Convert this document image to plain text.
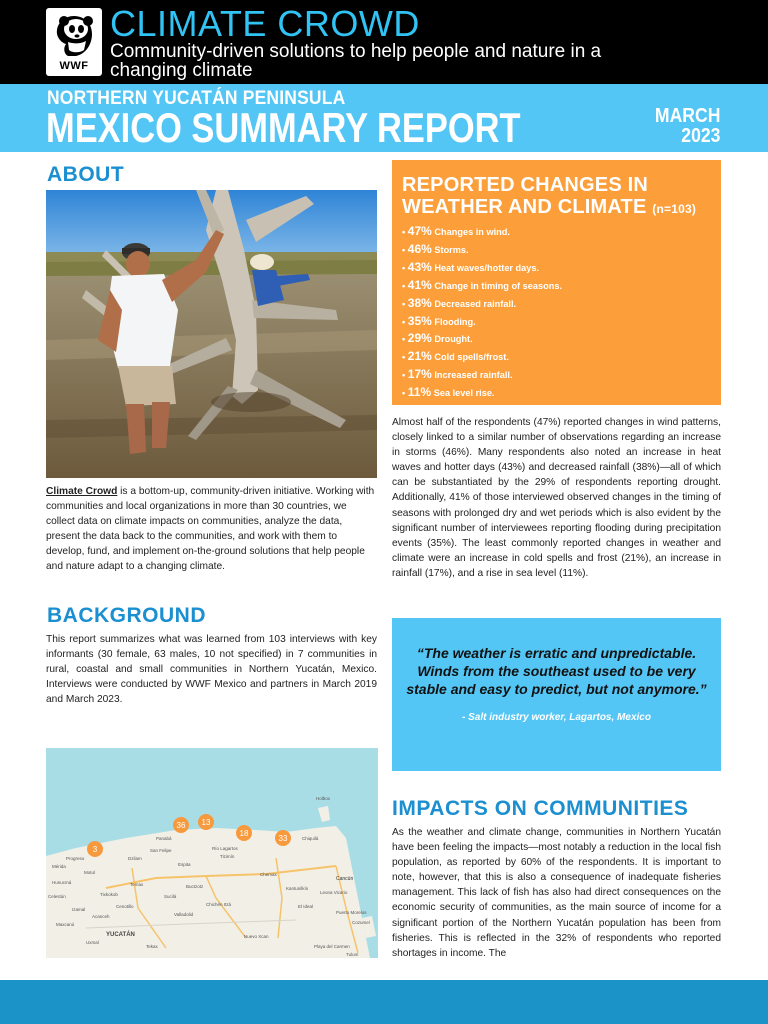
WWF
CLIMATE CROWD
Community-driven solutions to help people and nature in a changing climate
NORTHERN YUCATÁN PENINSULA
MEXICO SUMMARY REPORT	MARCH
2023
ABOUT
Climate Crowd is a bottom-up, community-driven initiative. Working with communities and local organizations in more than 30 countries, we collect data on climate impacts on communities, analyze the data, present the data back to the communities, and work with them to develop, fund, and implement on-the-ground solutions that help people and nature adapt to a changing climate.
BACKGROUND
This report summarizes what was learned from 103 interviews with key informants (30 female, 63 males, 10 not specified) in 7 communities in rural, coastal and small communities in Northern Yucatán, Mexico. Interviews were conducted by WWF Mexico and partners in March 2019 and March 2023.
3
36 13
18
33
YUCATÁN
Cancún
Progreso
Izamal
Valladolid
Tizimín
Mérida
Motul
Hunucmá
Kantunilkín
Playa del Carmen
San Felipe	Río Lagartos
Holbox
Chiquilá
Celestún
Dzilam
Temax
Tekax
Espita
Chemax
Cozumel
Puerto Morelos
Leona Vicario
El Ideal
Nuevo Xcan
Uxmal
Maxcanú
Tixkokob
Acanceh
Cenotillo
Sucilá
Panabá
Buctzotz
Chichén Itzá
Tulum
REPORTED CHANGES IN WEATHER AND CLIMATE (n=103)
• 47% Changes in wind.
• 46% Storms.
• 43% Heat waves/hotter days.
• 41% Change in timing of seasons.
• 38% Decreased rainfall.
• 35% Flooding.
• 29% Drought.
• 21% Cold spells/frost.
• 17% Increased rainfall.
• 11% Sea level rise.
Almost half of the respondents (47%) reported changes in wind patterns, closely linked to a similar number of observations regarding an increase in storms (46%). Many respondents also noted an increase in heat waves and hotter days (43%) and decreased rainfall (38%)—all of which can be substantiated by the 29% of respondents reporting drought. Additionally, 41% of those interviewed observed changes in the timing of seasons with prolonged dry and wet periods which is also evident by the significant number of interviewees reporting flooding during precipitation events (35%). The least commonly reported changes in weather and climate were an increase in cold spells and frost (21%), an increase in rainfall (17%), and a rise in sea level (11%).
“The weather is erratic and unpredictable. Winds from the southeast used to be very stable and easy to predict, but not anymore.”
- Salt industry worker, Lagartos, Mexico
IMPACTS ON COMMUNITIES
As the weather and climate change, communities in Northern Yucatán have been feeling the impacts—most notably a reduction in the local fish population, as reported by 60% of the respondents. It is important to note, however, that this is also a consequence of inadequate fisheries management. This lack of fish has also had direct consequences on the economic security of communities, as the main source of income for a significant portion of the Northern Yucatán population has been from fisheries. This is reflected in the 32% of respondents who reported shortages in income. The
